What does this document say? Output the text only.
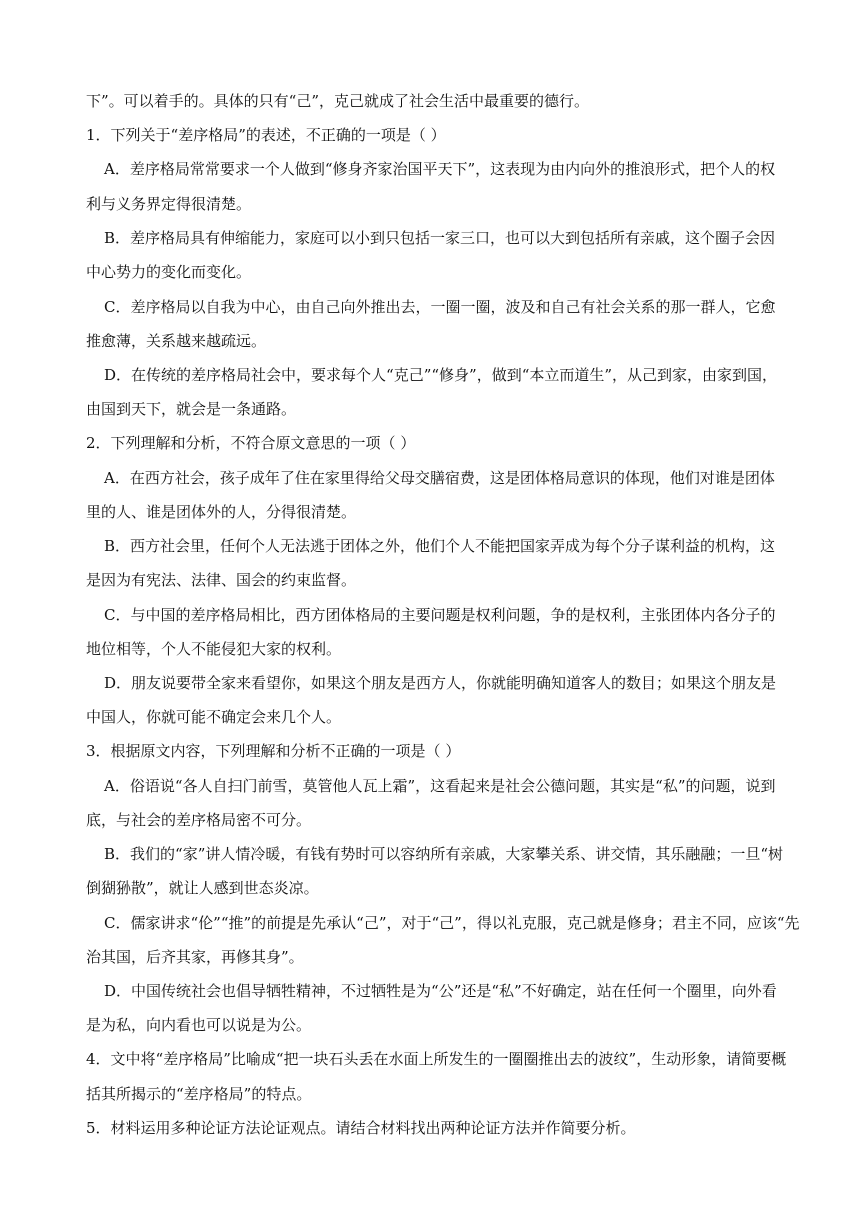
下”。可以着手的。具体的只有“己”，克己就成了社会生活中最重要的德行。
1．下列关于“差序格局”的表述，不正确的一项是（ ）
A．差序格局常常要求一个人做到“修身齐家治国平天下”，这表现为由内向外的推浪形式，把个人的权
利与义务界定得很清楚。
B．差序格局具有伸缩能力，家庭可以小到只包括一家三口，也可以大到包括所有亲戚，这个圈子会因
中心势力的变化而变化。
C．差序格局以自我为中心，由自己向外推出去，一圈一圈，波及和自己有社会关系的那一群人，它愈
推愈薄，关系越来越疏远。
D．在传统的差序格局社会中，要求每个人“克己”“修身”，做到“本立而道生”，从己到家，由家到国，
由国到天下，就会是一条通路。
2．下列理解和分析，不符合原文意思的一项（ ）
A．在西方社会，孩子成年了住在家里得给父母交膳宿费，这是团体格局意识的体现，他们对谁是团体
里的人、谁是团体外的人，分得很清楚。
B．西方社会里，任何个人无法逃于团体之外，他们个人不能把国家弄成为每个分子谋利益的机构，这
是因为有宪法、法律、国会的约束监督。
C．与中国的差序格局相比，西方团体格局的主要问题是权利问题，争的是权利，主张团体内各分子的
地位相等，个人不能侵犯大家的权利。
D．朋友说要带全家来看望你，如果这个朋友是西方人，你就能明确知道客人的数目；如果这个朋友是
中国人，你就可能不确定会来几个人。
3．根据原文内容，下列理解和分析不正确的一项是（ ）
A．俗语说“各人自扫门前雪，莫管他人瓦上霜”，这看起来是社会公德问题，其实是“私”的问题，说到
底，与社会的差序格局密不可分。
B．我们的“家”讲人情冷暖，有钱有势时可以容纳所有亲戚，大家攀关系、讲交情，其乐融融；一旦“树
倒猢狲散”，就让人感到世态炎凉。
C．儒家讲求“伦”“推”的前提是先承认“己”，对于“己”，得以礼克服，克己就是修身；君主不同，应该“先
治其国，后齐其家，再修其身”。
D．中国传统社会也倡导牺牲精神，不过牺牲是为“公”还是“私”不好确定，站在任何一个圈里，向外看
是为私，向内看也可以说是为公。
4．文中将“差序格局”比喻成“把一块石头丢在水面上所发生的一圈圈推出去的波纹”，生动形象，请简要概
括其所揭示的“差序格局”的特点。
5．材料运用多种论证方法论证观点。请结合材料找出两种论证方法并作简要分析。
